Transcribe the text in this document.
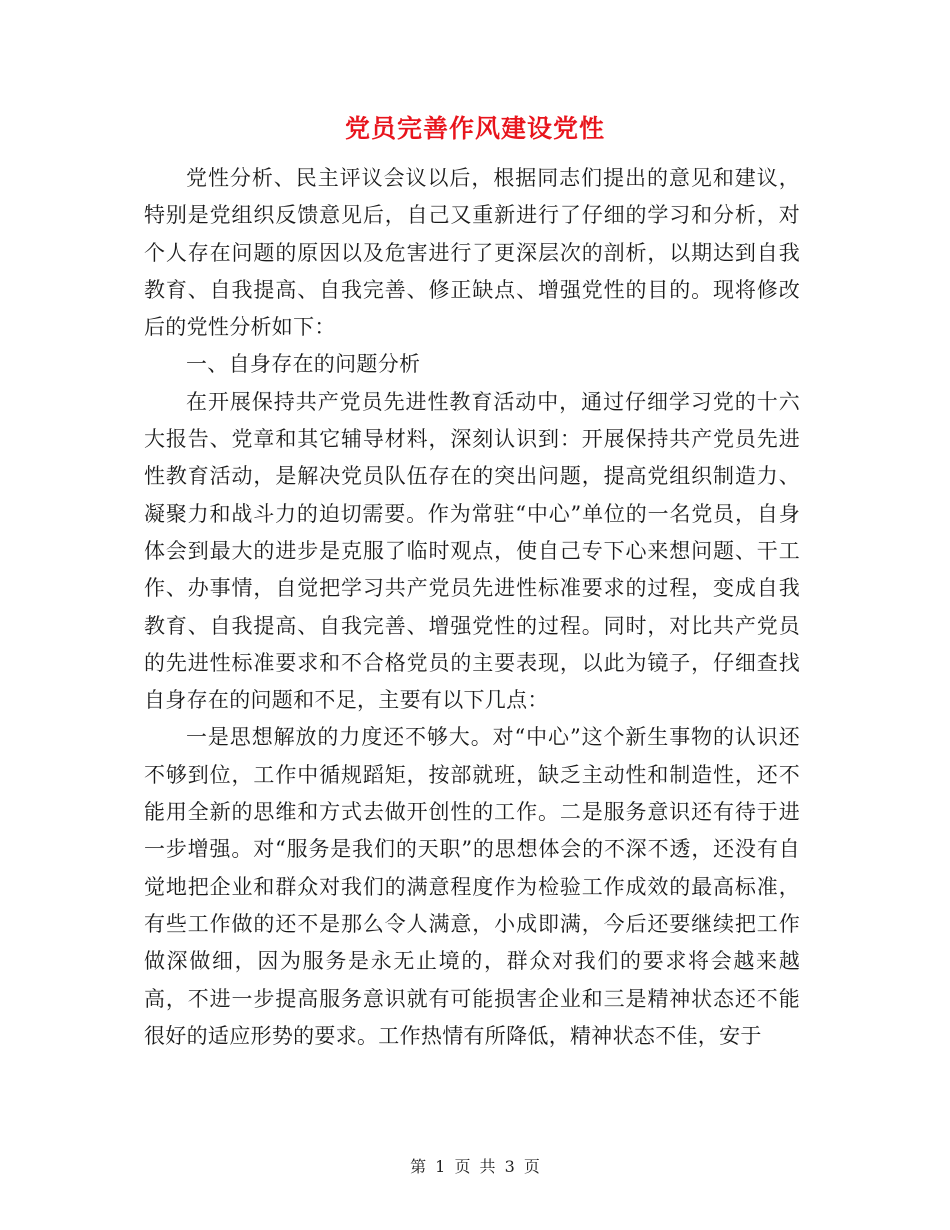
党员完善作风建设党性

党性分析、民主评议会议以后，根据同志们提出的意见和建议，特别是党组织反馈意见后，自己又重新进行了仔细的学习和分析，对个人存在问题的原因以及危害进行了更深层次的剖析，以期达到自我教育、自我提高、自我完善、修正缺点、增强党性的目的。现将修改后的党性分析如下：

一、自身存在的问题分析

在开展保持共产党员先进性教育活动中，通过仔细学习党的十六大报告、党章和其它辅导材料，深刻认识到：开展保持共产党员先进性教育活动，是解决党员队伍存在的突出问题，提高党组织制造力、凝聚力和战斗力的迫切需要。作为常驻“中心”单位的一名党员，自身体会到最大的进步是克服了临时观点，使自己专下心来想问题、干工作、办事情，自觉把学习共产党员先进性标准要求的过程，变成自我教育、自我提高、自我完善、增强党性的过程。同时，对比共产党员的先进性标准要求和不合格党员的主要表现，以此为镜子，仔细查找自身存在的问题和不足，主要有以下几点：

一是思想解放的力度还不够大。对“中心”这个新生事物的认识还不够到位，工作中循规蹈矩，按部就班，缺乏主动性和制造性，还不能用全新的思维和方式去做开创性的工作。二是服务意识还有待于进一步增强。对“服务是我们的天职”的思想体会的不深不透，还没有自觉地把企业和群众对我们的满意程度作为检验工作成效的最高标准，有些工作做的还不是那么令人满意，小成即满，今后还要继续把工作做深做细，因为服务是永无止境的，群众对我们的要求将会越来越高，不进一步提高服务意识就有可能损害企业和三是精神状态还不能很好的适应形势的要求。工作热情有所降低，精神状态不佳，安于

第 1 页 共 3 页
